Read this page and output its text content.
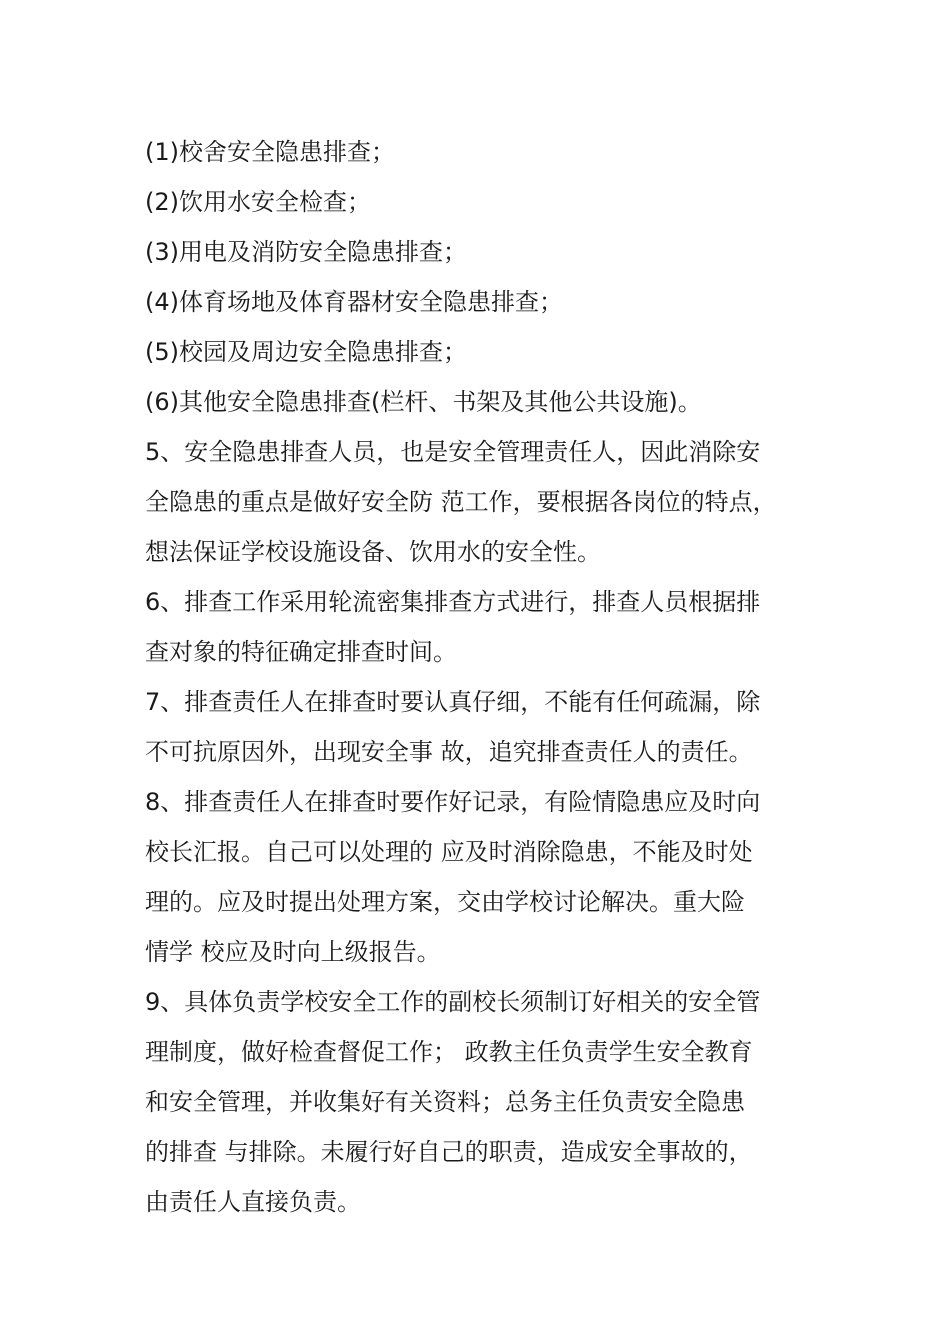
(1)校舍安全隐患排查；
(2)饮用水安全检查；
(3)用电及消防安全隐患排查；
(4)体育场地及体育器材安全隐患排查；
(5)校园及周边安全隐患排查；
(6)其他安全隐患排查(栏杆、书架及其他公共设施)。
5、安全隐患排查人员，也是安全管理责任人，因此消除安
全隐患的重点是做好安全防 范工作，要根据各岗位的特点，
想法保证学校设施设备、饮用水的安全性。
6、排查工作采用轮流密集排查方式进行，排查人员根据排
查对象的特征确定排查时间。
7、排查责任人在排查时要认真仔细，不能有任何疏漏，除
不可抗原因外，出现安全事 故，追究排查责任人的责任。
8、排查责任人在排查时要作好记录，有险情隐患应及时向
校长汇报。自己可以处理的 应及时消除隐患，不能及时处
理的。应及时提出处理方案，交由学校讨论解决。重大险
情学 校应及时向上级报告。
9、具体负责学校安全工作的副校长须制订好相关的安全管
理制度，做好检查督促工作； 政教主任负责学生安全教育
和安全管理，并收集好有关资料；总务主任负责安全隐患
的排查 与排除。未履行好自己的职责，造成安全事故的，
由责任人直接负责。
